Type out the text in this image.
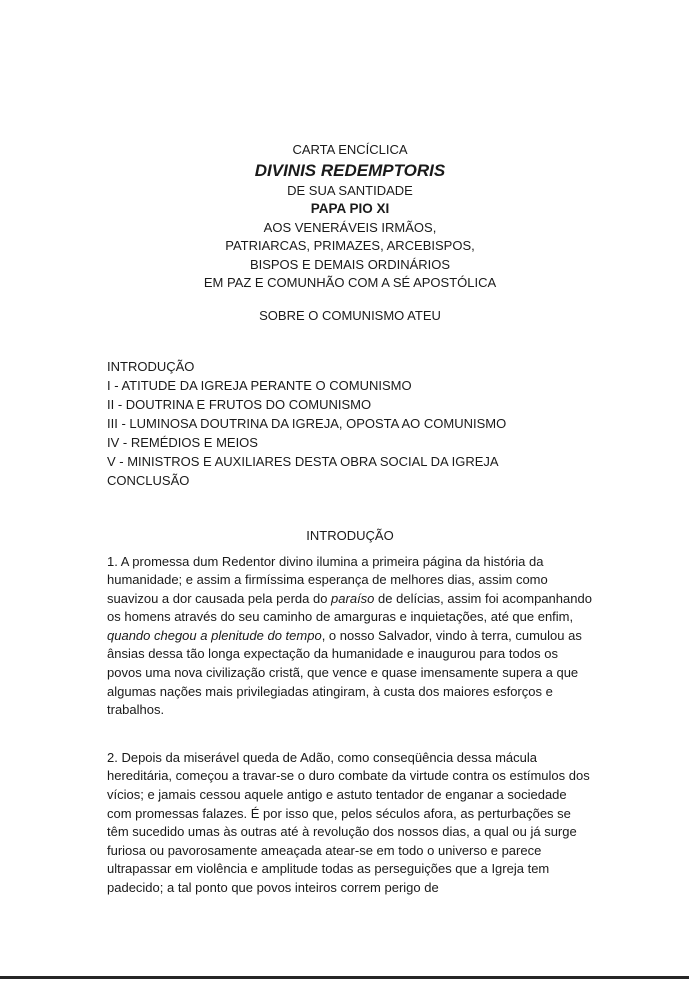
CARTA ENCÍCLICA
DIVINIS REDEMPTORIS
DE SUA SANTIDADE
PAPA PIO XI
AOS VENERÁVEIS IRMÃOS,
PATRIARCAS, PRIMAZES, ARCEBISPOS,
BISPOS E DEMAIS ORDINÁRIOS
EM PAZ E COMUNHÃO COM A SÉ APOSTÓLICA
SOBRE O COMUNISMO ATEU
INTRODUÇÃO
I - ATITUDE DA IGREJA PERANTE O COMUNISMO
II - DOUTRINA E FRUTOS DO COMUNISMO
III - LUMINOSA DOUTRINA DA IGREJA, OPOSTA AO COMUNISMO
IV - REMÉDIOS E MEIOS
V - MINISTROS E AUXILIARES DESTA OBRA SOCIAL DA IGREJA
CONCLUSÃO
INTRODUÇÃO
1. A promessa dum Redentor divino ilumina a primeira página da história da humanidade; e assim a firmíssima esperança de melhores dias, assim como suavizou a dor causada pela perda do paraíso de delícias, assim foi acompanhando os homens através do seu caminho de amarguras e inquietações, até que enfim, quando chegou a plenitude do tempo, o nosso Salvador, vindo à terra, cumulou as ânsias dessa tão longa expectação da humanidade e inaugurou para todos os povos uma nova civilização cristã, que vence e quase imensamente supera a que algumas nações mais privilegiadas atingiram, à custa dos maiores esforços e trabalhos.
2. Depois da miserável queda de Adão, como conseqüência dessa mácula hereditária, começou a travar-se o duro combate da virtude contra os estímulos dos vícios; e jamais cessou aquele antigo e astuto tentador de enganar a sociedade com promessas falazes. É por isso que, pelos séculos afora, as perturbações se têm sucedido umas às outras até à revolução dos nossos dias, a qual ou já surge furiosa ou pavorosamente ameaçada atear-se em todo o universo e parece ultrapassar em violência e amplitude todas as perseguições que a Igreja tem padecido; a tal ponto que povos inteiros correm perigo de
